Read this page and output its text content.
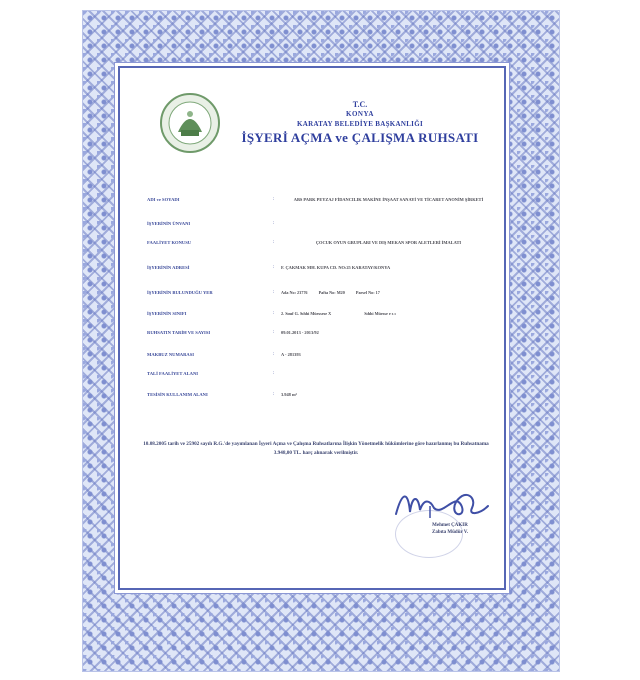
T.C.
KONYA
KARATAY BELEDİYE BAŞKANLIĞI
İŞYERİ AÇMA ve ÇALIŞMA RUHSATI
ADI ve SOYADI	:	ABS PARK PEYZAJ FİDANCILIK MAKİNE İNŞAAT SANAYİ VE TİCARET ANONİM ŞİRKETİ
İŞYERİNİN ÜNVANI	:
FAALİYET KONUSU	:	ÇOCUK OYUN GRUPLARI VE DIŞ MEKAN SPOR ALETLERİ İMALATI
İŞYERİNİN ADRESİ	: F. ÇAKMAK MH. KUPA CD. NO:25 KARATAY/KONYA
İŞYERİNİN BULUNDUĞU YER	: Ada No: 23776	Pafta No: M20	Parsel No: 17
İŞYERİNİN SINIFI	: 2. Sınıf G. Sıhhi Müessese X	Sıhhi Müesse e s ı
RUHSATIN TARİH VE SAYISI	: 09.01.2013 - 2013/92
MAKBUZ NUMARASI	: A - 281393
TALİ FAALİYET ALANI	:
TESİSİN KULLANIM ALANI	: 3.948 m²
10.08.2005 tarih ve 25902 sayılı R.G.'de yayımlanan İşyeri Açma ve Çalışma Ruhsatlarına İlişkin Yönetmelik hükümlerine göre hazırlanmış bu Ruhsatnama 3.948,00 TL. harç alınarak verilmiştir.
Mehmet ÇAKIR
Zabıta Müdür V.
